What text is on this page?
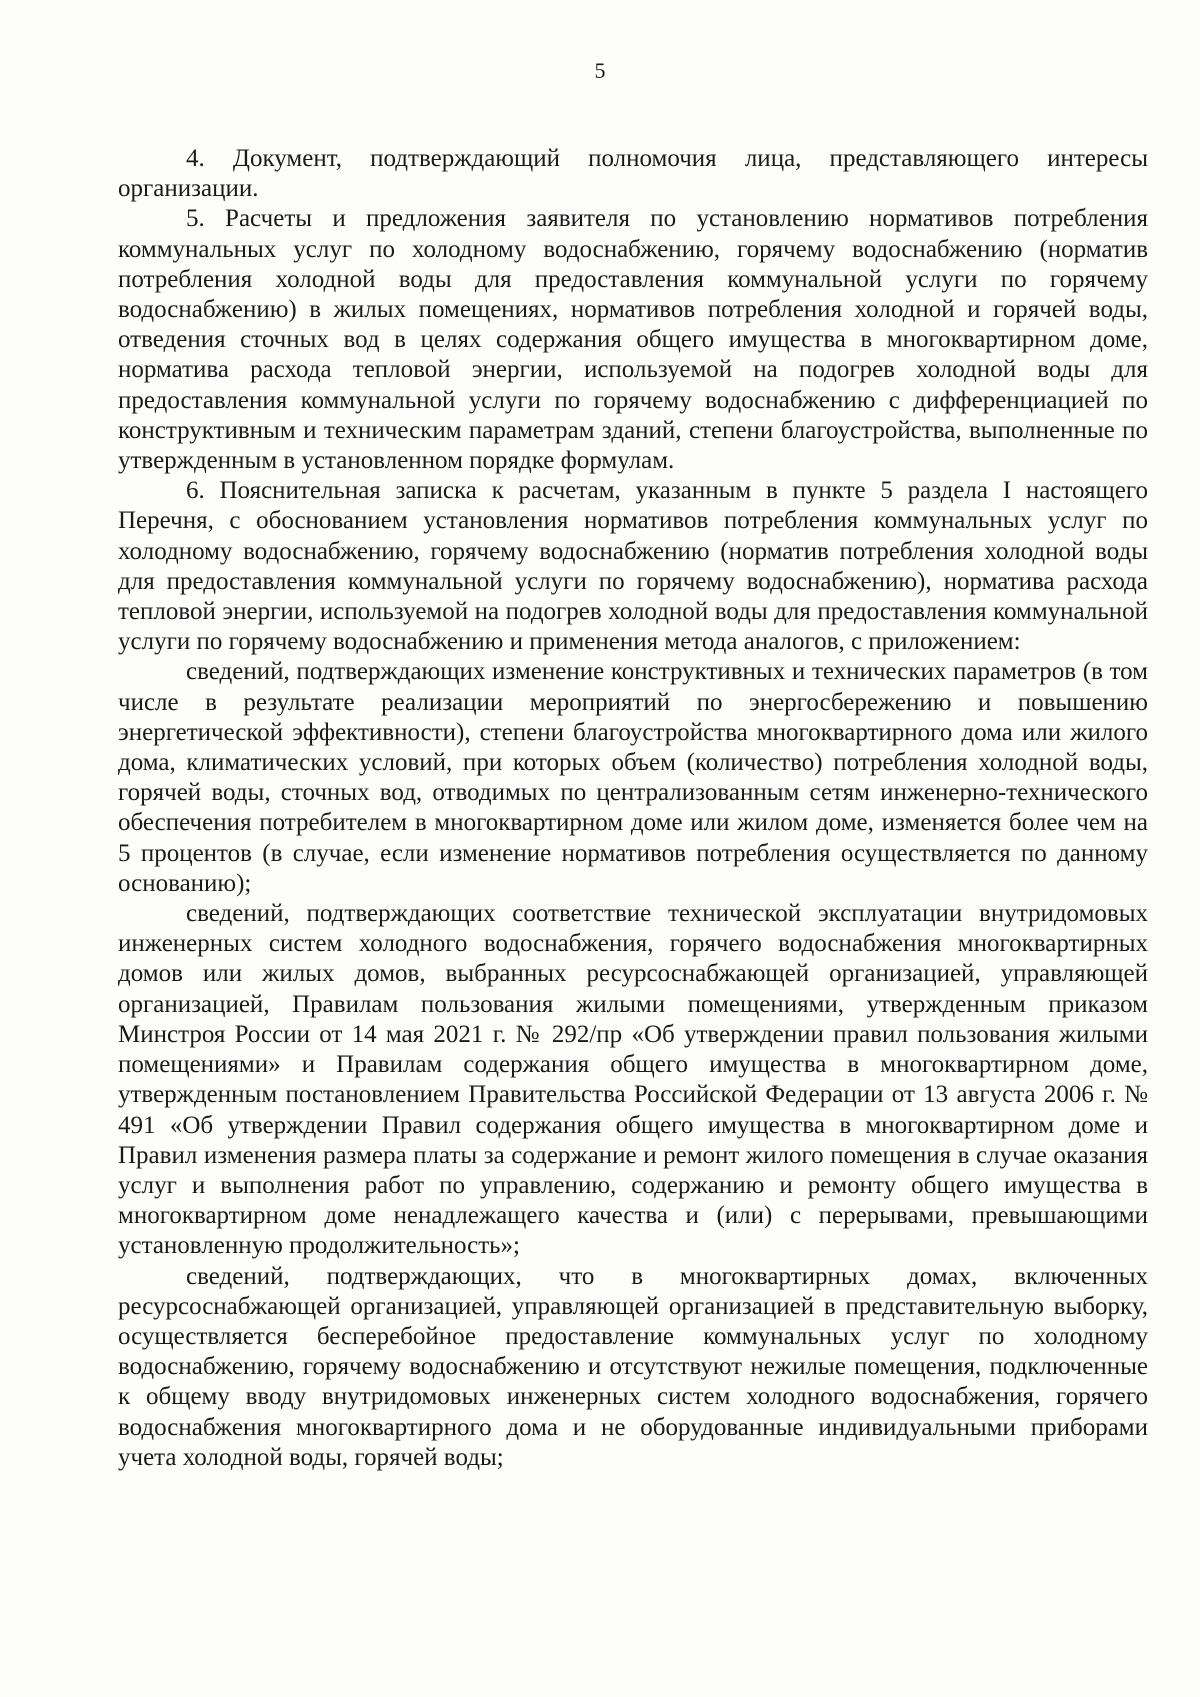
5

4. Документ, подтверждающий полномочия лица, представляющего интересы организации.

5. Расчеты и предложения заявителя по установлению нормативов потребления коммунальных услуг по холодному водоснабжению, горячему водоснабжению (норматив потребления холодной воды для предоставления коммунальной услуги по горячему водоснабжению) в жилых помещениях, нормативов потребления холодной и горячей воды, отведения сточных вод в целях содержания общего имущества в многоквартирном доме, норматива расхода тепловой энергии, используемой на подогрев холодной воды для предоставления коммунальной услуги по горячему водоснабжению с дифференциацией по конструктивным и техническим параметрам зданий, степени благоустройства, выполненные по утвержденным в установленном порядке формулам.

6. Пояснительная записка к расчетам, указанным в пункте 5 раздела I настоящего Перечня, с обоснованием установления нормативов потребления коммунальных услуг по холодному водоснабжению, горячему водоснабжению (норматив потребления холодной воды для предоставления коммунальной услуги по горячему водоснабжению), норматива расхода тепловой энергии, используемой на подогрев холодной воды для предоставления коммунальной услуги по горячему водоснабжению и применения метода аналогов, с приложением:

сведений, подтверждающих изменение конструктивных и технических параметров (в том числе в результате реализации мероприятий по энергосбережению и повышению энергетической эффективности), степени благоустройства многоквартирного дома или жилого дома, климатических условий, при которых объем (количество) потребления холодной воды, горячей воды, сточных вод, отводимых по централизованным сетям инженерно-технического обеспечения потребителем в многоквартирном доме или жилом доме, изменяется более чем на 5 процентов (в случае, если изменение нормативов потребления осуществляется по данному основанию);

сведений, подтверждающих соответствие технической эксплуатации внутридомовых инженерных систем холодного водоснабжения, горячего водоснабжения многоквартирных домов или жилых домов, выбранных ресурсоснабжающей организацией, управляющей организацией, Правилам пользования жилыми помещениями, утвержденным приказом Минстроя России от 14 мая 2021 г. № 292/пр «Об утверждении правил пользования жилыми помещениями» и Правилам содержания общего имущества в многоквартирном доме, утвержденным постановлением Правительства Российской Федерации от 13 августа 2006 г. № 491 «Об утверждении Правил содержания общего имущества в многоквартирном доме и Правил изменения размера платы за содержание и ремонт жилого помещения в случае оказания услуг и выполнения работ по управлению, содержанию и ремонту общего имущества в многоквартирном доме ненадлежащего качества и (или) с перерывами, превышающими установленную продолжительность»;

сведений, подтверждающих, что в многоквартирных домах, включенных ресурсоснабжающей организацией, управляющей организацией в представительную выборку, осуществляется бесперебойное предоставление коммунальных услуг по холодному водоснабжению, горячему водоснабжению и отсутствуют нежилые помещения, подключенные к общему вводу внутридомовых инженерных систем холодного водоснабжения, горячего водоснабжения многоквартирного дома и не оборудованные индивидуальными приборами учета холодной воды, горячей воды;
